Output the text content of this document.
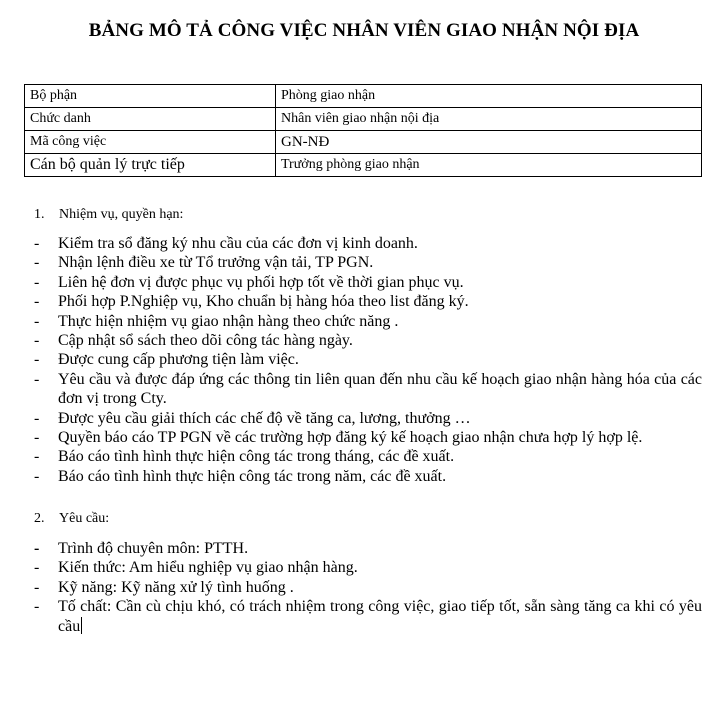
BẢNG MÔ TẢ CÔNG VIỆC NHÂN VIÊN GIAO NHẬN NỘI ĐỊA
Bộ phận	Phòng giao nhận
Chức danh	Nhân viên giao nhận nội địa
Mã công việc	GN-NĐ
Cán bộ quản lý trực tiếp	Trưởng phòng giao nhận
1. Nhiệm vụ, quyền hạn:
- Kiểm tra sổ đăng ký nhu cầu của các đơn vị kinh doanh.
- Nhận lệnh điều xe từ Tổ trưởng vận tải, TP PGN.
- Liên hệ đơn vị được phục vụ phối hợp tốt về thời gian phục vụ.
- Phối hợp P.Nghiệp vụ, Kho chuẩn bị hàng hóa theo list đăng ký.
- Thực hiện nhiệm vụ giao nhận hàng theo chức năng .
- Cập nhật sổ sách theo dõi công tác hàng ngày.
- Được cung cấp phương tiện làm việc.
- Yêu cầu và được đáp ứng các thông tin liên quan đến nhu cầu kế hoạch giao nhận hàng hóa của các đơn vị trong Cty.
- Được yêu cầu giải thích các chế độ về tăng ca, lương, thưởng …
- Quyền báo cáo TP PGN về các trường hợp đăng ký kế hoạch giao nhận chưa hợp lý hợp lệ.
- Báo cáo tình hình thực hiện công tác trong tháng, các đề xuất.
- Báo cáo tình hình thực hiện công tác trong năm, các đề xuất.
2. Yêu cầu:
- Trình độ chuyên môn: PTTH.
- Kiến thức: Am hiểu nghiệp vụ giao nhận hàng.
- Kỹ năng: Kỹ năng xử lý tình huống .
- Tố chất: Cần cù chịu khó, có trách nhiệm trong công việc, giao tiếp tốt, sẵn sàng tăng ca khi có yêu cầu
